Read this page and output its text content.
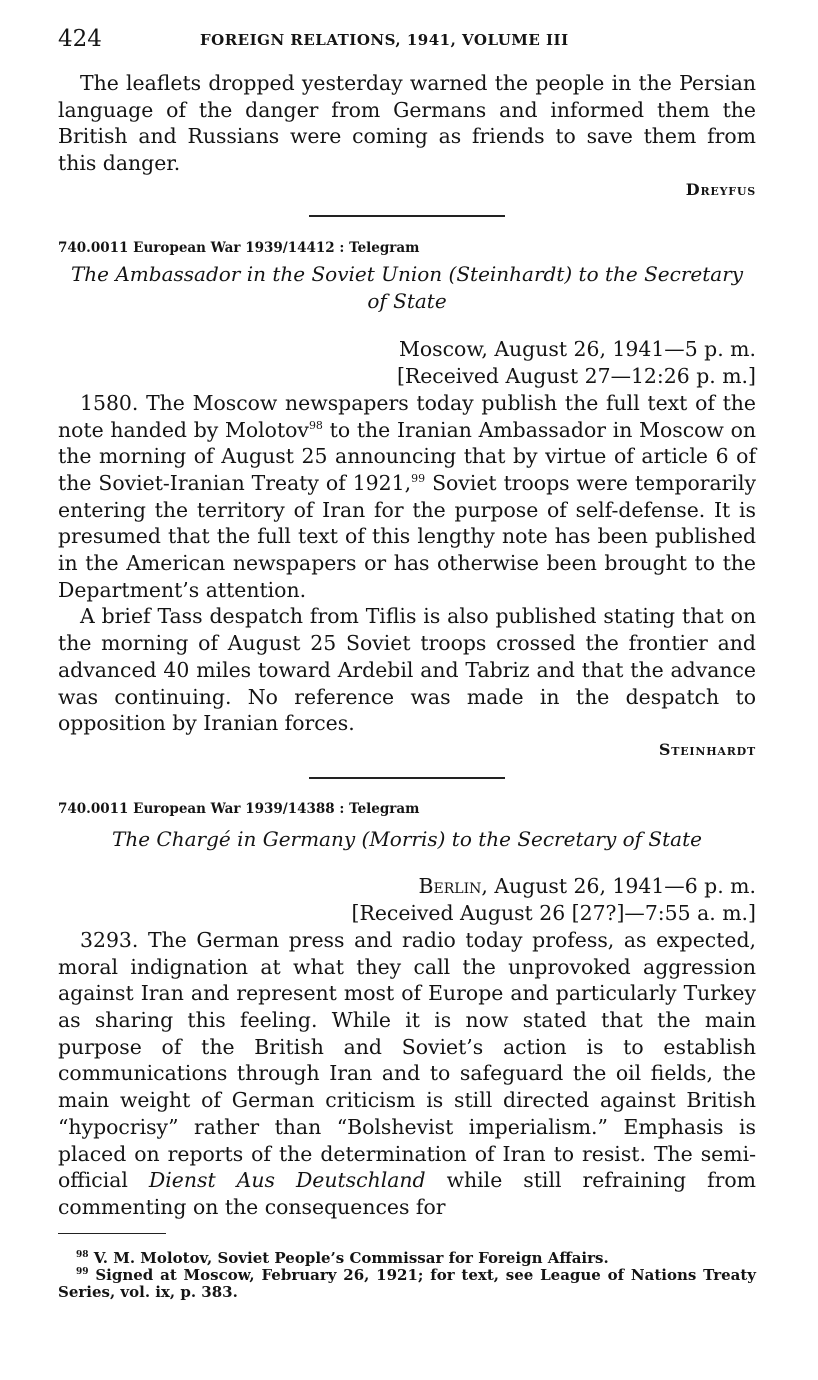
424	FOREIGN RELATIONS, 1941, VOLUME III

The leaflets dropped yesterday warned the people in the Persian language of the danger from Germans and informed them the British and Russians were coming as friends to save them from this danger.

Dreyfus

740.0011 European War 1939/14412 : Telegram

The Ambassador in the Soviet Union (Steinhardt) to the Secretary of State

Moscow, August 26, 1941—5 p. m.

[Received August 27—12:26 p. m.]

1580. The Moscow newspapers today publish the full text of the note handed by Molotov$^{98}$ to the Iranian Ambassador in Moscow on the morning of August 25 announcing that by virtue of article 6 of the Soviet-Iranian Treaty of 1921,99 Soviet troops were temporarily entering the territory of Iran for the purpose of self-defense. It is presumed that the full text of this lengthy note has been published in the American newspapers or has otherwise been brought to the Department’s attention.

A brief Tass despatch from Tiflis is also published stating that on the morning of August 25 Soviet troops crossed the frontier and advanced 40 miles toward Ardebil and Tabriz and that the advance was continuing. No reference was made in the despatch to opposition by Iranian forces.

Steinhardt

740.0011 European War 1939/14388 : Telegram

The Chargé in Germany (Morris) to the Secretary of State

Berlin, August 26, 1941—6 p. m.

[Received August 26 [27?]—7:55 a. m.]

3293. The German press and radio today profess, as expected, moral indignation at what they call the unprovoked aggression against Iran and represent most of Europe and particularly Turkey as sharing this feeling. While it is now stated that the main purpose of the British and Soviet’s action is to establish communications through Iran and to safeguard the oil fields, the main weight of German criticism is still directed against British “hypocrisy” rather than “Bolshevist imperialism.” Emphasis is placed on reports of the determination of Iran to resist. The semi-official Dienst Aus Deutschland while still refraining from commenting on the consequences for

$^{98}$ V. M. Molotov, Soviet People’s Commissar for Foreign Affairs.

$^{99}$ Signed at Moscow, February 26, 1921; for text, see League of Nations Treaty Series, vol. ix, p. 383.
